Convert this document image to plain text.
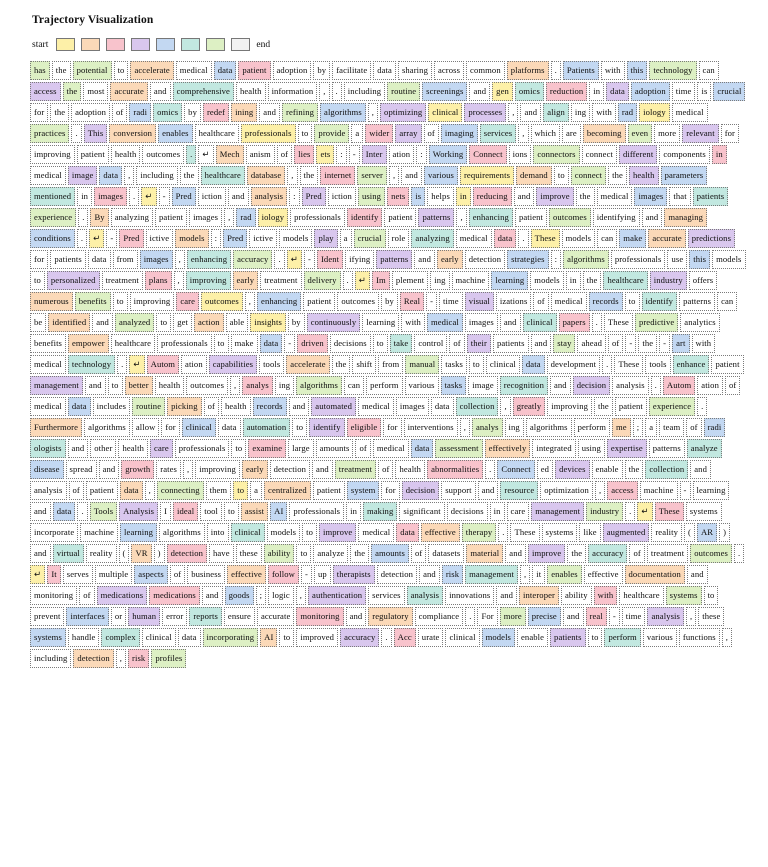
Trajectory Visualization
start	end
has	the	potential	to	accelerate	medical	data	patient	adoption	by	facilitate	data	sharing	across	common	platforms	.	Patients	with	this	technology	can
access	the	most	accurate	and	comprehensive	health	information	,	.	including	routine	screenings	and	gen	omics	reduction	in	data	adoption	time	is	crucial
for	the	adoption	of	radi	omics	by	redef	ining	and	refining	algorithms	,	optimizing	clinical	processes	,	and	align	ing	with	rad	iology	medical
practices	.	This	conversion	enables	healthcare	professionals	to	provide	a	wider	array	of	imaging	services	,	which	are	becoming	even	more	relevant	for
improving	patient	health	outcomes	.	↵	Mech	anism	of	lies	ets	:	-	Inter	ation	:	Working	Connect	ions	connectors	connect	different	components	in
medical	image	data	,	including	the	healthcare	database	,	the	internet	server	,	and	various	requirements	demand	to	connect	the	health	parameters
mentioned	in	images	.	↵	-	Pred	iction	and	analysis	:	Pred	iction	using	nets	is	helps	in	reducing	and	improve	the	medical	images	that	patients
experience	.	By	analyzing	patient	images	,	rad	iology	professionals	identify	patient	patterns	,	enhancing	patient	outcomes	identifying	and	managing
conditions	.	↵	-	Pred	ictive	models	:	Pred	ictive	models	play	a	crucial	role	analyzing	medical	data	.	These	models	can	make	accurate	predictions
for	patients	data	from	images	,	enhancing	accuracy	.	↵	-	Ident	ifying	patterns	and	early	detection	strategies	:	algorithms	professionals	use	this	models
to	personalized	treatment	plans	,	improving	early	treatment	delivery	.	↵	Im	plement	ing	machine	learning	models	in	the	healthcare	industry	offers
numerous	benefits	to	improving	care	outcomes	,	enhancing	patient	outcomes	by	Real	-	time	visual	izations	of	medical	records	to	identify	patterns	can
be	identified	and	analyzed	to	get	action	able	insights	by	continuously	learning	with	medical	images	and	clinical	papers	.	These	predictive	analytics
benefits	empower	healthcare	professionals	to	make	data	-	driven	decisions	to	take	control	of	their	patients	and	stay	ahead	of	-	the	-	art	with
medical	technology	.	↵	Autom	ation	capabilities	tools	accelerate	the	shift	from	manual	tasks	to	clinical	data	development	.	These	tools	enhance	patient
management	and	to	better	health	outcomes	,	analys	ing	algorithms	can	perform	various	tasks	image	recognition	and	decision	analysis	.	Autom	ation	of
medical	data	includes	routine	picking	of	health	records	and	automated	medical	images	data	collection	,	greatly	improving	the	patient	experience	.
Furthermore	algorithms	allow	for	clinical	data	automation	to	identify	eligible	for	interventions	,	analys	ing	algorithms	perform	me	;	a	team	of	radi
ologists	and	other	health	care	professionals	to	examine	large	amounts	of	medical	data	assessment	effectively	integrated	using	expertise	patterns	analyze
disease	spread	and	growth	rates	,	improving	early	detection	and	treatment	of	health	abnormalities	.	Connect	ed	devices	enable	the	collection	and
analysis	of	patient	data	,	connecting	them	to	a	centralized	patient	system	for	decision	support	and	resource	optimization	,	access	machine	-	learning
and	data	.	Tools	Analysis	I	ideal	tool	to	assist	AI	professionals	in	making	significant	decisions	in	care	management	industry	.	↵	These	systems
incorporate	machine	learning	algorithms	into	clinical	models	to	improve	medical	data	effective	therapy	.	These	systems	like	augmented	reality	(	AR	)
and	virtual	reality	(	VR	)	detection	have	these	ability	to	analyze	the	amounts	of	datasets	material	and	improve	the	accuracy	of	treatment	outcomes	.
↵	It	serves	multiple	aspects	of	business	effective	follow	-	up	therapists	detection	and	risk	management	,	it	enables	effective	documentation	and
monitoring	of	medications	medications	and	goods	;	logic	,	authentication	services	analysis	innovations	and	interoper	ability	with	healthcare	systems	to
prevent	interfaces	or	human	error	reports	ensure	accurate	monitoring	and	regulatory	compliance	.	For	more	precise	and	real	-	time	analysis	,	these
systems	handle	complex	clinical	data	incorporating	AI	to	improved	accuracy	.	Acc	urate	clinical	models	enable	patients	to	perform	various	functions	,
including	detection	,	risk	profiles
